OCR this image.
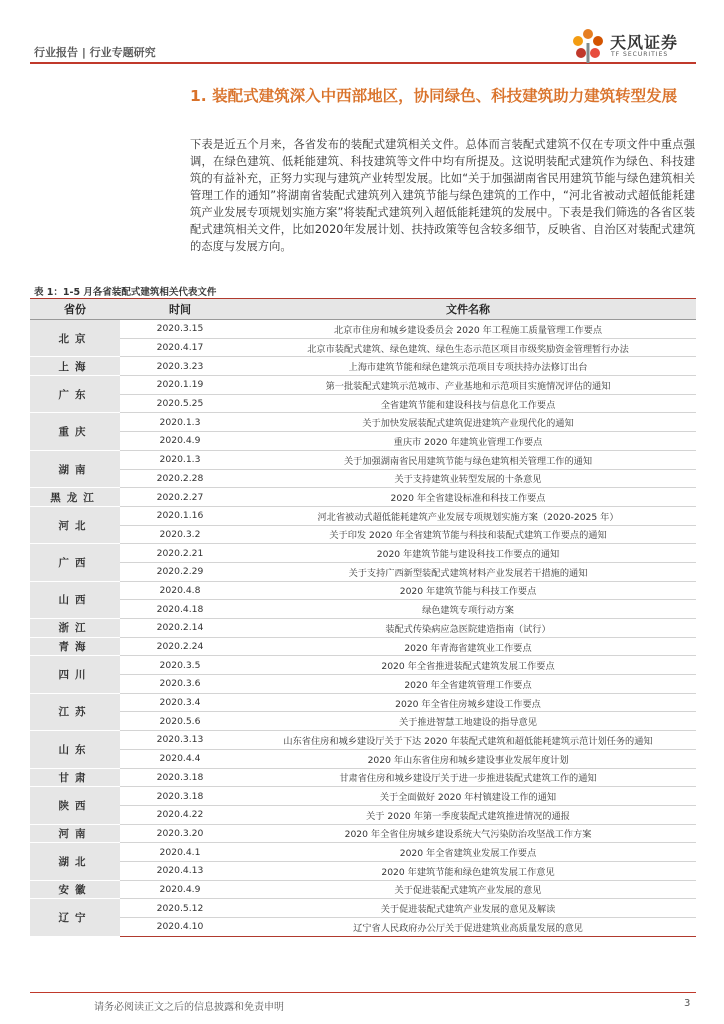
行业报告 | 行业专题研究
天风证券
TF SECURITIES
1. 装配式建筑深入中西部地区，协同绿色、科技建筑助力建筑转型发展
下表是近五个月来，各省发布的装配式建筑相关文件。总体而言装配式建筑不仅在专项文件中重点强调，在绿色建筑、低耗能建筑、科技建筑等文件中均有所提及。这说明装配式建筑作为绿色、科技建筑的有益补充，正努力实现与建筑产业转型发展。比如“关于加强湖南省民用建筑节能与绿色建筑相关管理工作的通知”将湖南省装配式建筑列入建筑节能与绿色建筑的工作中，“河北省被动式超低能耗建筑产业发展专项规划实施方案”将装配式建筑列入超低能耗建筑的发展中。下表是我们筛选的各省区装配式建筑相关文件，比如2020年发展计划、扶持政策等包含较多细节，反映省、自治区对装配式建筑的态度与发展方向。
表 1：1-5 月各省装配式建筑相关代表文件
省份	时间	文件名称
北京	2020.3.15	北京市住房和城乡建设委员会 2020 年工程施工质量管理工作要点
	2020.4.17	北京市装配式建筑、绿色建筑、绿色生态示范区项目市级奖励资金管理暂行办法
上海	2020.3.23	上海市建筑节能和绿色建筑示范项目专项扶持办法修订出台
广东	2020.1.19	第一批装配式建筑示范城市、产业基地和示范项目实施情况评估的通知
	2020.5.25	全省建筑节能和建设科技与信息化工作要点
重庆	2020.1.3	关于加快发展装配式建筑促进建筑产业现代化的通知
	2020.4.9	重庆市 2020 年建筑业管理工作要点
湖南	2020.1.3	关于加强湖南省民用建筑节能与绿色建筑相关管理工作的通知
	2020.2.28	关于支持建筑业转型发展的十条意见
黑龙江	2020.2.27	2020 年全省建设标准和科技工作要点
河北	2020.1.16	河北省被动式超低能耗建筑产业发展专项规划实施方案（2020-2025 年）
	2020.3.2	关于印发 2020 年全省建筑节能与科技和装配式建筑工作要点的通知
广西	2020.2.21	2020 年建筑节能与建设科技工作要点的通知
	2020.2.29	关于支持广西新型装配式建筑材料产业发展若干措施的通知
山西	2020.4.8	2020 年建筑节能与科技工作要点
	2020.4.18	绿色建筑专项行动方案
浙江	2020.2.14	装配式传染病应急医院建造指南（试行）
青海	2020.2.24	2020 年青海省建筑业工作要点
四川	2020.3.5	2020 年全省推进装配式建筑发展工作要点
	2020.3.6	2020 年全省建筑管理工作要点
江苏	2020.3.4	2020 年全省住房城乡建设工作要点
	2020.5.6	关于推进智慧工地建设的指导意见
山东	2020.3.13	山东省住房和城乡建设厅关于下达 2020 年装配式建筑和超低能耗建筑示范计划任务的通知
	2020.4.4	2020 年山东省住房和城乡建设事业发展年度计划
甘肃	2020.3.18	甘肃省住房和城乡建设厅关于进一步推进装配式建筑工作的通知
陕西	2020.3.18	关于全面做好 2020 年村镇建设工作的通知
	2020.4.22	关于 2020 年第一季度装配式建筑推进情况的通报
河南	2020.3.20	2020 年全省住房城乡建设系统大气污染防治攻坚战工作方案
湖北	2020.4.1	2020 年全省建筑业发展工作要点
	2020.4.13	2020 年建筑节能和绿色建筑发展工作意见
安徽	2020.4.9	关于促进装配式建筑产业发展的意见
辽宁	2020.5.12	关于促进装配式建筑产业发展的意见及解读
	2020.4.10	辽宁省人民政府办公厅关于促进建筑业高质量发展的意见
请务必阅读正文之后的信息披露和免责申明	3
